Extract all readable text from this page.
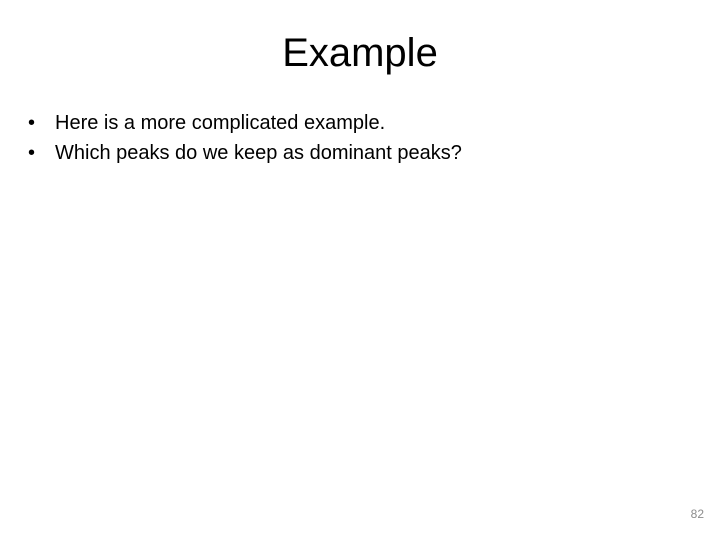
Example
• Here is a more complicated example.
• Which peaks do we keep as dominant peaks?
82
